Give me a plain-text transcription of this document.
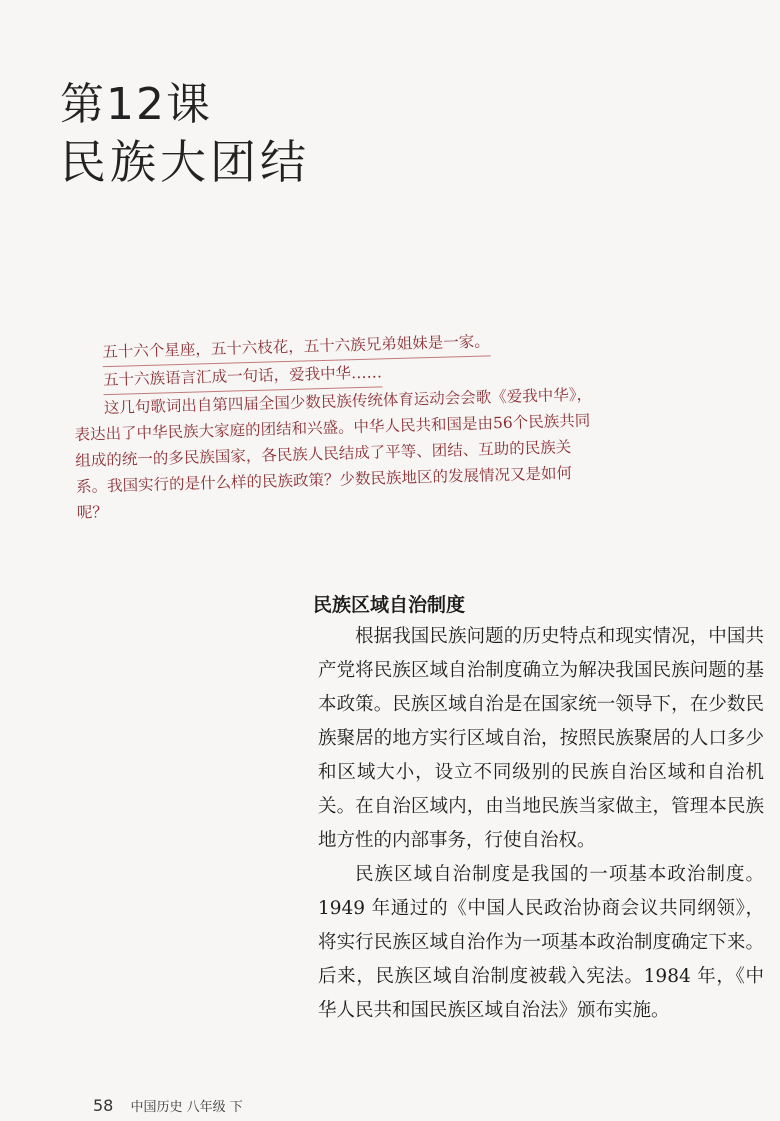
第12课
民族大团结
五十六个星座，五十六枝花，五十六族兄弟姐妹是一家。
五十六族语言汇成一句话，爱我中华……

这几句歌词出自第四届全国少数民族传统体育运动会会歌《爱我中华》，表达出了中华民族大家庭的团结和兴盛。中华人民共和国是由56个民族共同组成的统一的多民族国家，各民族人民结成了平等、团结、互助的民族关系。我国实行的是什么样的民族政策？少数民族地区的发展情况又是如何呢？

民族区域自治制度

根据我国民族问题的历史特点和现实情况，中国共产党将民族区域自治制度确立为解决我国民族问题的基本政策。民族区域自治是在国家统一领导下，在少数民族聚居的地方实行区域自治，按照民族聚居的人口多少和区域大小，设立不同级别的民族自治区域和自治机关。在自治区域内，由当地民族当家做主，管理本民族地方性的内部事务，行使自治权。

民族区域自治制度是我国的一项基本政治制度。1949 年通过的《中国人民政治协商会议共同纲领》，将实行民族区域自治作为一项基本政治制度确定下来。后来，民族区域自治制度被载入宪法。1984 年，《中华人民共和国民族区域自治法》颁布实施。

58 中国历史 八年级 下
